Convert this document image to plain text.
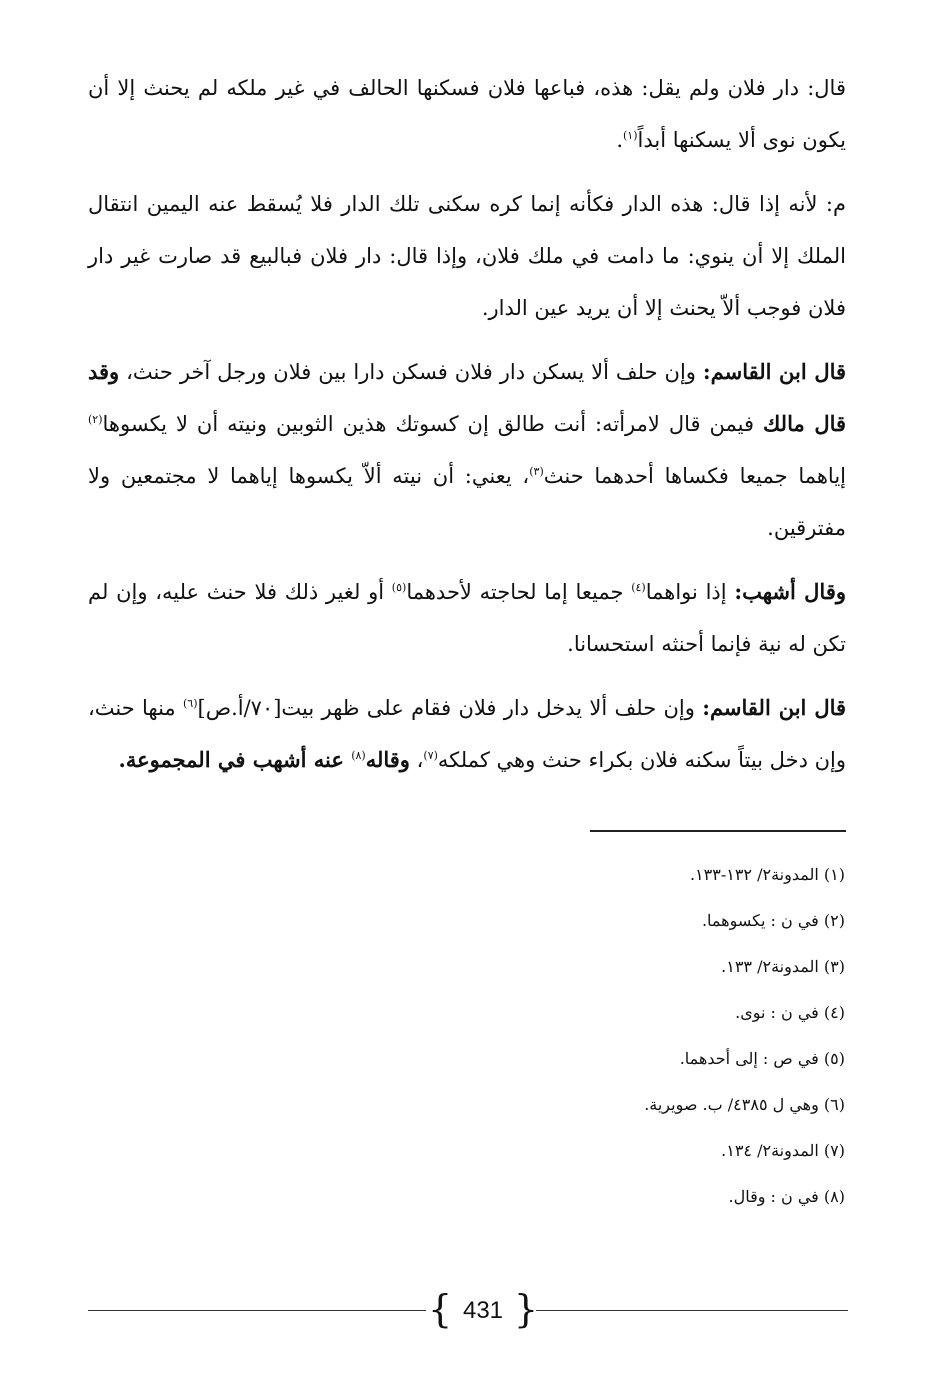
قال: دار فلان ولم يقل: هذه، فباعها فلان فسكنها الحالف في غير ملكه لم يحنث إلا أن يكون نوى ألا يسكنها أبداً$^{(١)}$.

م: لأنه إذا قال: هذه الدار فكأنه إنما كره سكنى تلك الدار فلا يُسقط عنه اليمين انتقال الملك إلا أن ينوي: ما دامت في ملك فلان، وإذا قال: دار فلان فبالبيع قد صارت غير دار فلان فوجب ألاّ يحنث إلا أن يريد عين الدار.

قال ابن القاسم: وإن حلف ألا يسكن دار فلان فسكن دارا بين فلان ورجل آخر حنث، وقد قال مالك فيمن قال لامرأته: أنت طالق إن كسوتك هذين الثوبين ونيته أن لا يكسوها$^{(٢)}$ إياهما جميعا فكساها أحدهما حنث$^{(٣)}$، يعني: أن نيته ألاّ يكسوها إياهما لا مجتمعين ولا مفترقين.

وقال أشهب: إذا نواهما$^{(٤)}$ جميعا إما لحاجته لأحدهما$^{(٥)}$ أو لغير ذلك فلا حنث عليه، وإن لم تكن له نية فإنما أحنثه استحسانا.

قال ابن القاسم: وإن حلف ألا يدخل دار فلان فقام على ظهر بيت[٧٠/أ.ص]$^{(٦)}$ منها حنث، وإن دخل بيتاً سكنه فلان بكراء حنث وهي كملكه$^{(٧)}$، وقاله$^{(٨)}$ عنه أشهب في المجموعة.

(١) المدونة٢/ ١٣٢-١٣٣.
(٢) في ن : يكسوهما.
(٣) المدونة٢/ ١٣٣.
(٤) في ن : نوى.
(٥) في ص : إلى أحدهما.
(٦) وهي ل ٤٣٨٥/ ب. صويرية.
(٧) المدونة٢/ ١٣٤.
(٨) في ن : وقال.
{ 431 }
